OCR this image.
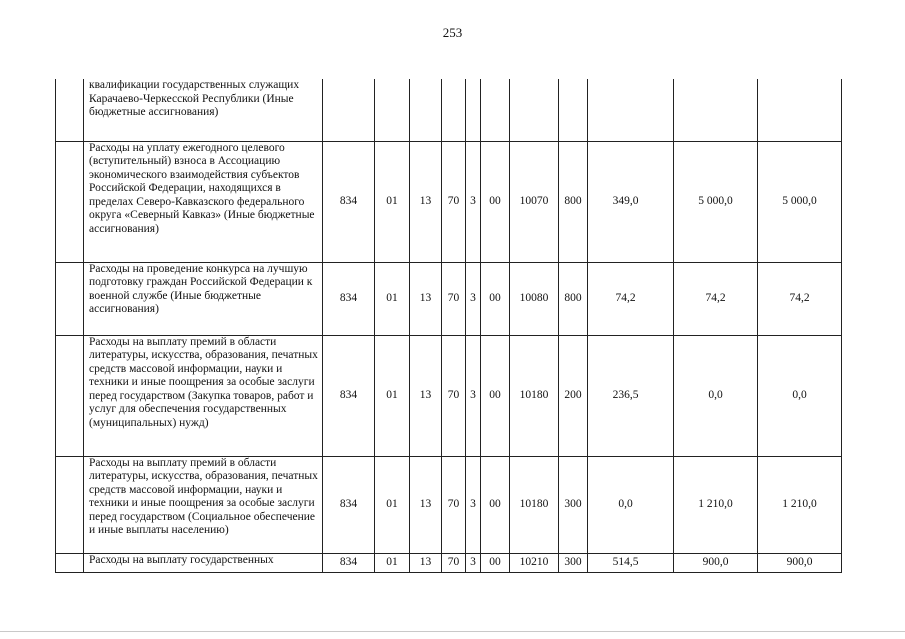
253
	квалификации государственных служащих Карачаево-Черкесской Республики (Иные бюджетные ассигнования)											
	Расходы на уплату ежегодного целевого (вступительный) взноса в Ассоциацию экономического взаимодействия субъектов Российской Федерации, находящихся в пределах Северо-Кавказского федерального округа «Северный Кавказ» (Иные бюджетные ассигнования)	834	01	13	70	3	00	10070	800	349,0	5 000,0	5 000,0
	Расходы на проведение конкурса на лучшую подготовку граждан Российской Федерации к военной службе (Иные бюджетные ассигнования)	834	01	13	70	3	00	10080	800	74,2	74,2	74,2
	Расходы на выплату премий в области литературы, искусства, образования, печатных средств массовой информации, науки и техники и иные поощрения за особые заслуги перед государством (Закупка товаров, работ и услуг для обеспечения государственных (муниципальных) нужд)	834	01	13	70	3	00	10180	200	236,5	0,0	0,0
	Расходы на выплату премий в области литературы, искусства, образования, печатных средств массовой информации, науки и техники и иные поощрения за особые заслуги перед государством (Социальное обеспечение и иные выплаты населению)	834	01	13	70	3	00	10180	300	0,0	1 210,0	1 210,0
	Расходы на выплату государственных	834	01	13	70	3	00	10210	300	514,5	900,0	900,0
